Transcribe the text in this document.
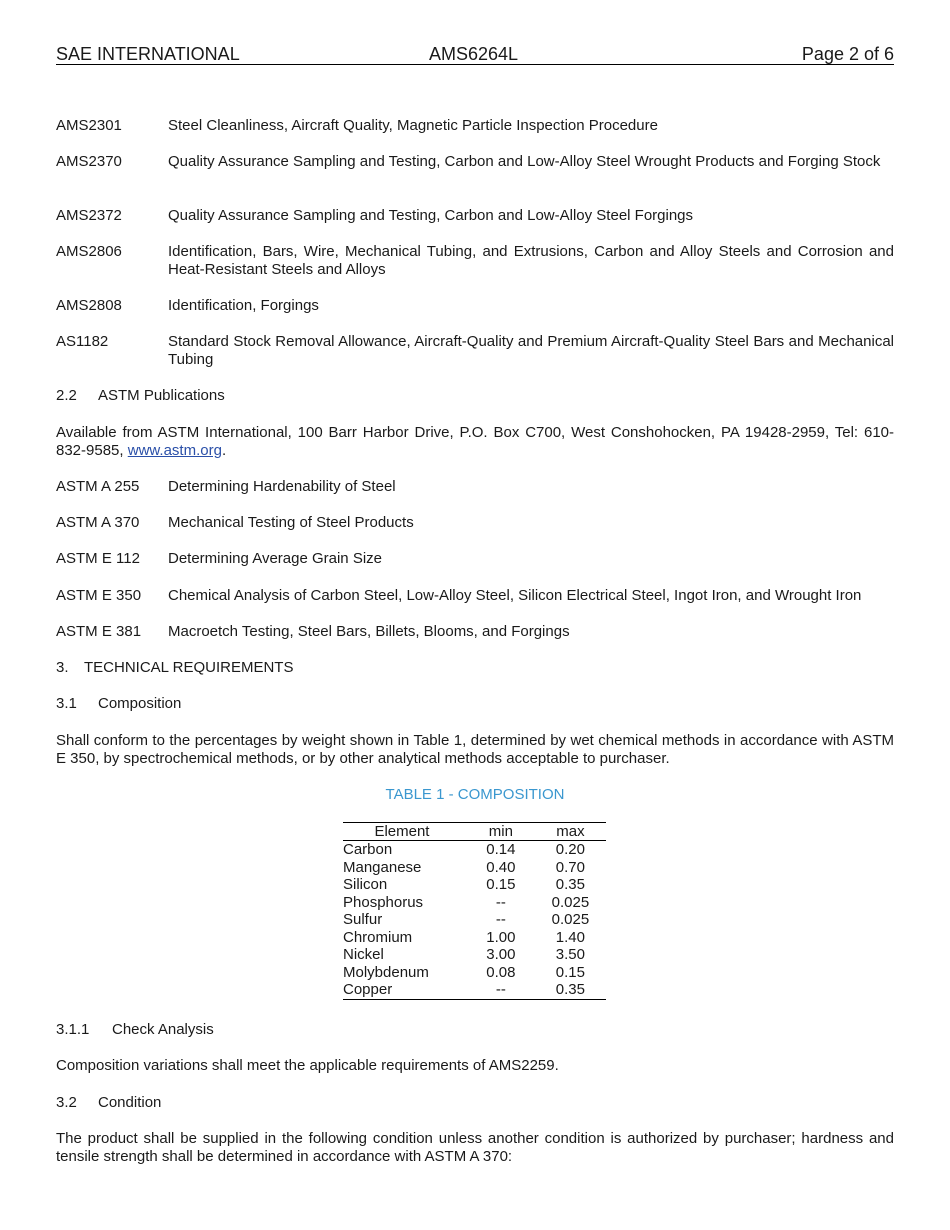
SAE INTERNATIONAL	AMS6264L	Page 2 of 6
AMS2301	Steel Cleanliness, Aircraft Quality, Magnetic Particle Inspection Procedure
AMS2370	Quality Assurance Sampling and Testing, Carbon and Low-Alloy Steel Wrought Products and Forging Stock
AMS2372	Quality Assurance Sampling and Testing, Carbon and Low-Alloy Steel Forgings
AMS2806	Identification, Bars, Wire, Mechanical Tubing, and Extrusions, Carbon and Alloy Steels and Corrosion and Heat-Resistant Steels and Alloys
AMS2808	Identification, Forgings
AS1182	Standard Stock Removal Allowance, Aircraft-Quality and Premium Aircraft-Quality Steel Bars and Mechanical Tubing
2.2 ASTM Publications
Available from ASTM International, 100 Barr Harbor Drive, P.O. Box C700, West Conshohocken, PA 19428-2959, Tel: 610-832-9585, www.astm.org.
ASTM A 255 Determining Hardenability of Steel
ASTM A 370 Mechanical Testing of Steel Products
ASTM E 112 Determining Average Grain Size
ASTM E 350 Chemical Analysis of Carbon Steel, Low-Alloy Steel, Silicon Electrical Steel, Ingot Iron, and Wrought Iron
ASTM E 381 Macroetch Testing, Steel Bars, Billets, Blooms, and Forgings
3. TECHNICAL REQUIREMENTS
3.1 Composition
Shall conform to the percentages by weight shown in Table 1, determined by wet chemical methods in accordance with ASTM E 350, by spectrochemical methods, or by other analytical methods acceptable to purchaser.
TABLE 1 - COMPOSITION
Element	min	max
Carbon	0.14	0.20
Manganese	0.40	0.70
Silicon	0.15	0.35
Phosphorus	--	0.025
Sulfur	--	0.025
Chromium	1.00	1.40
Nickel	3.00	3.50
Molybdenum	0.08	0.15
Copper	--	0.35
3.1.1 Check Analysis
Composition variations shall meet the applicable requirements of AMS2259.
3.2 Condition
The product shall be supplied in the following condition unless another condition is authorized by purchaser; hardness and tensile strength shall be determined in accordance with ASTM A 370:
